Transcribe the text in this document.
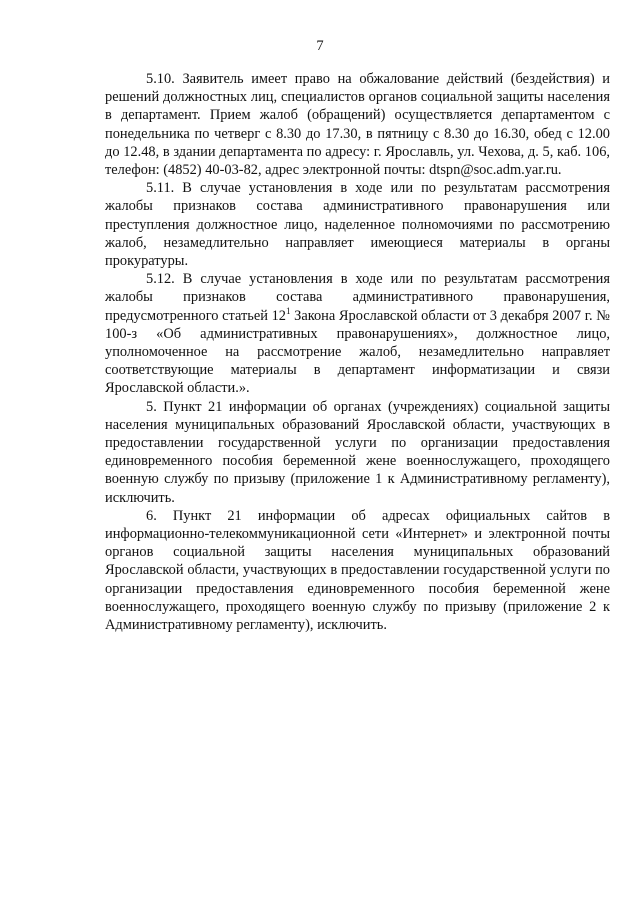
7

5.10. Заявитель имеет право на обжалование действий (бездействия) и решений должностных лиц, специалистов органов социальной защиты населения в департамент. Прием жалоб (обращений) осуществляется департаментом с понедельника по четверг с 8.30 до 17.30, в пятницу с 8.30 до 16.30, обед с 12.00 до 12.48, в здании департамента по адресу: г. Ярославль, ул. Чехова, д. 5, каб. 106, телефон: (4852) 40-03-82, адрес электронной почты: dtspn@soc.adm.yar.ru.

5.11. В случае установления в ходе или по результатам рассмотрения жалобы признаков состава административного правонарушения или преступления должностное лицо, наделенное полномочиями по рассмотрению жалоб, незамедлительно направляет имеющиеся материалы в органы прокуратуры.

5.12. В случае установления в ходе или по результатам рассмотрения жалобы признаков состава административного правонарушения, предусмотренного статьей $12^1$ Закона Ярославской области от 3 декабря 2007 г. № 100-з «Об административных правонарушениях», должностное лицо, уполномоченное на рассмотрение жалоб, незамедлительно направляет соответствующие материалы в департамент информатизации и связи Ярославской области.».

5. Пункт 21 информации об органах (учреждениях) социальной защиты населения муниципальных образований Ярославской области, участвующих в предоставлении государственной услуги по организации предоставления единовременного пособия беременной жене военнослужащего, проходящего военную службу по призыву (приложение 1 к Административному регламенту), исключить.

6. Пункт 21 информации об адресах официальных сайтов в информационно-телекоммуникационной сети «Интернет» и электронной почты органов социальной защиты населения муниципальных образований Ярославской области, участвующих в предоставлении государственной услуги по организации предоставления единовременного пособия беременной жене военнослужащего, проходящего военную службу по призыву (приложение 2 к Административному регламенту), исключить.
